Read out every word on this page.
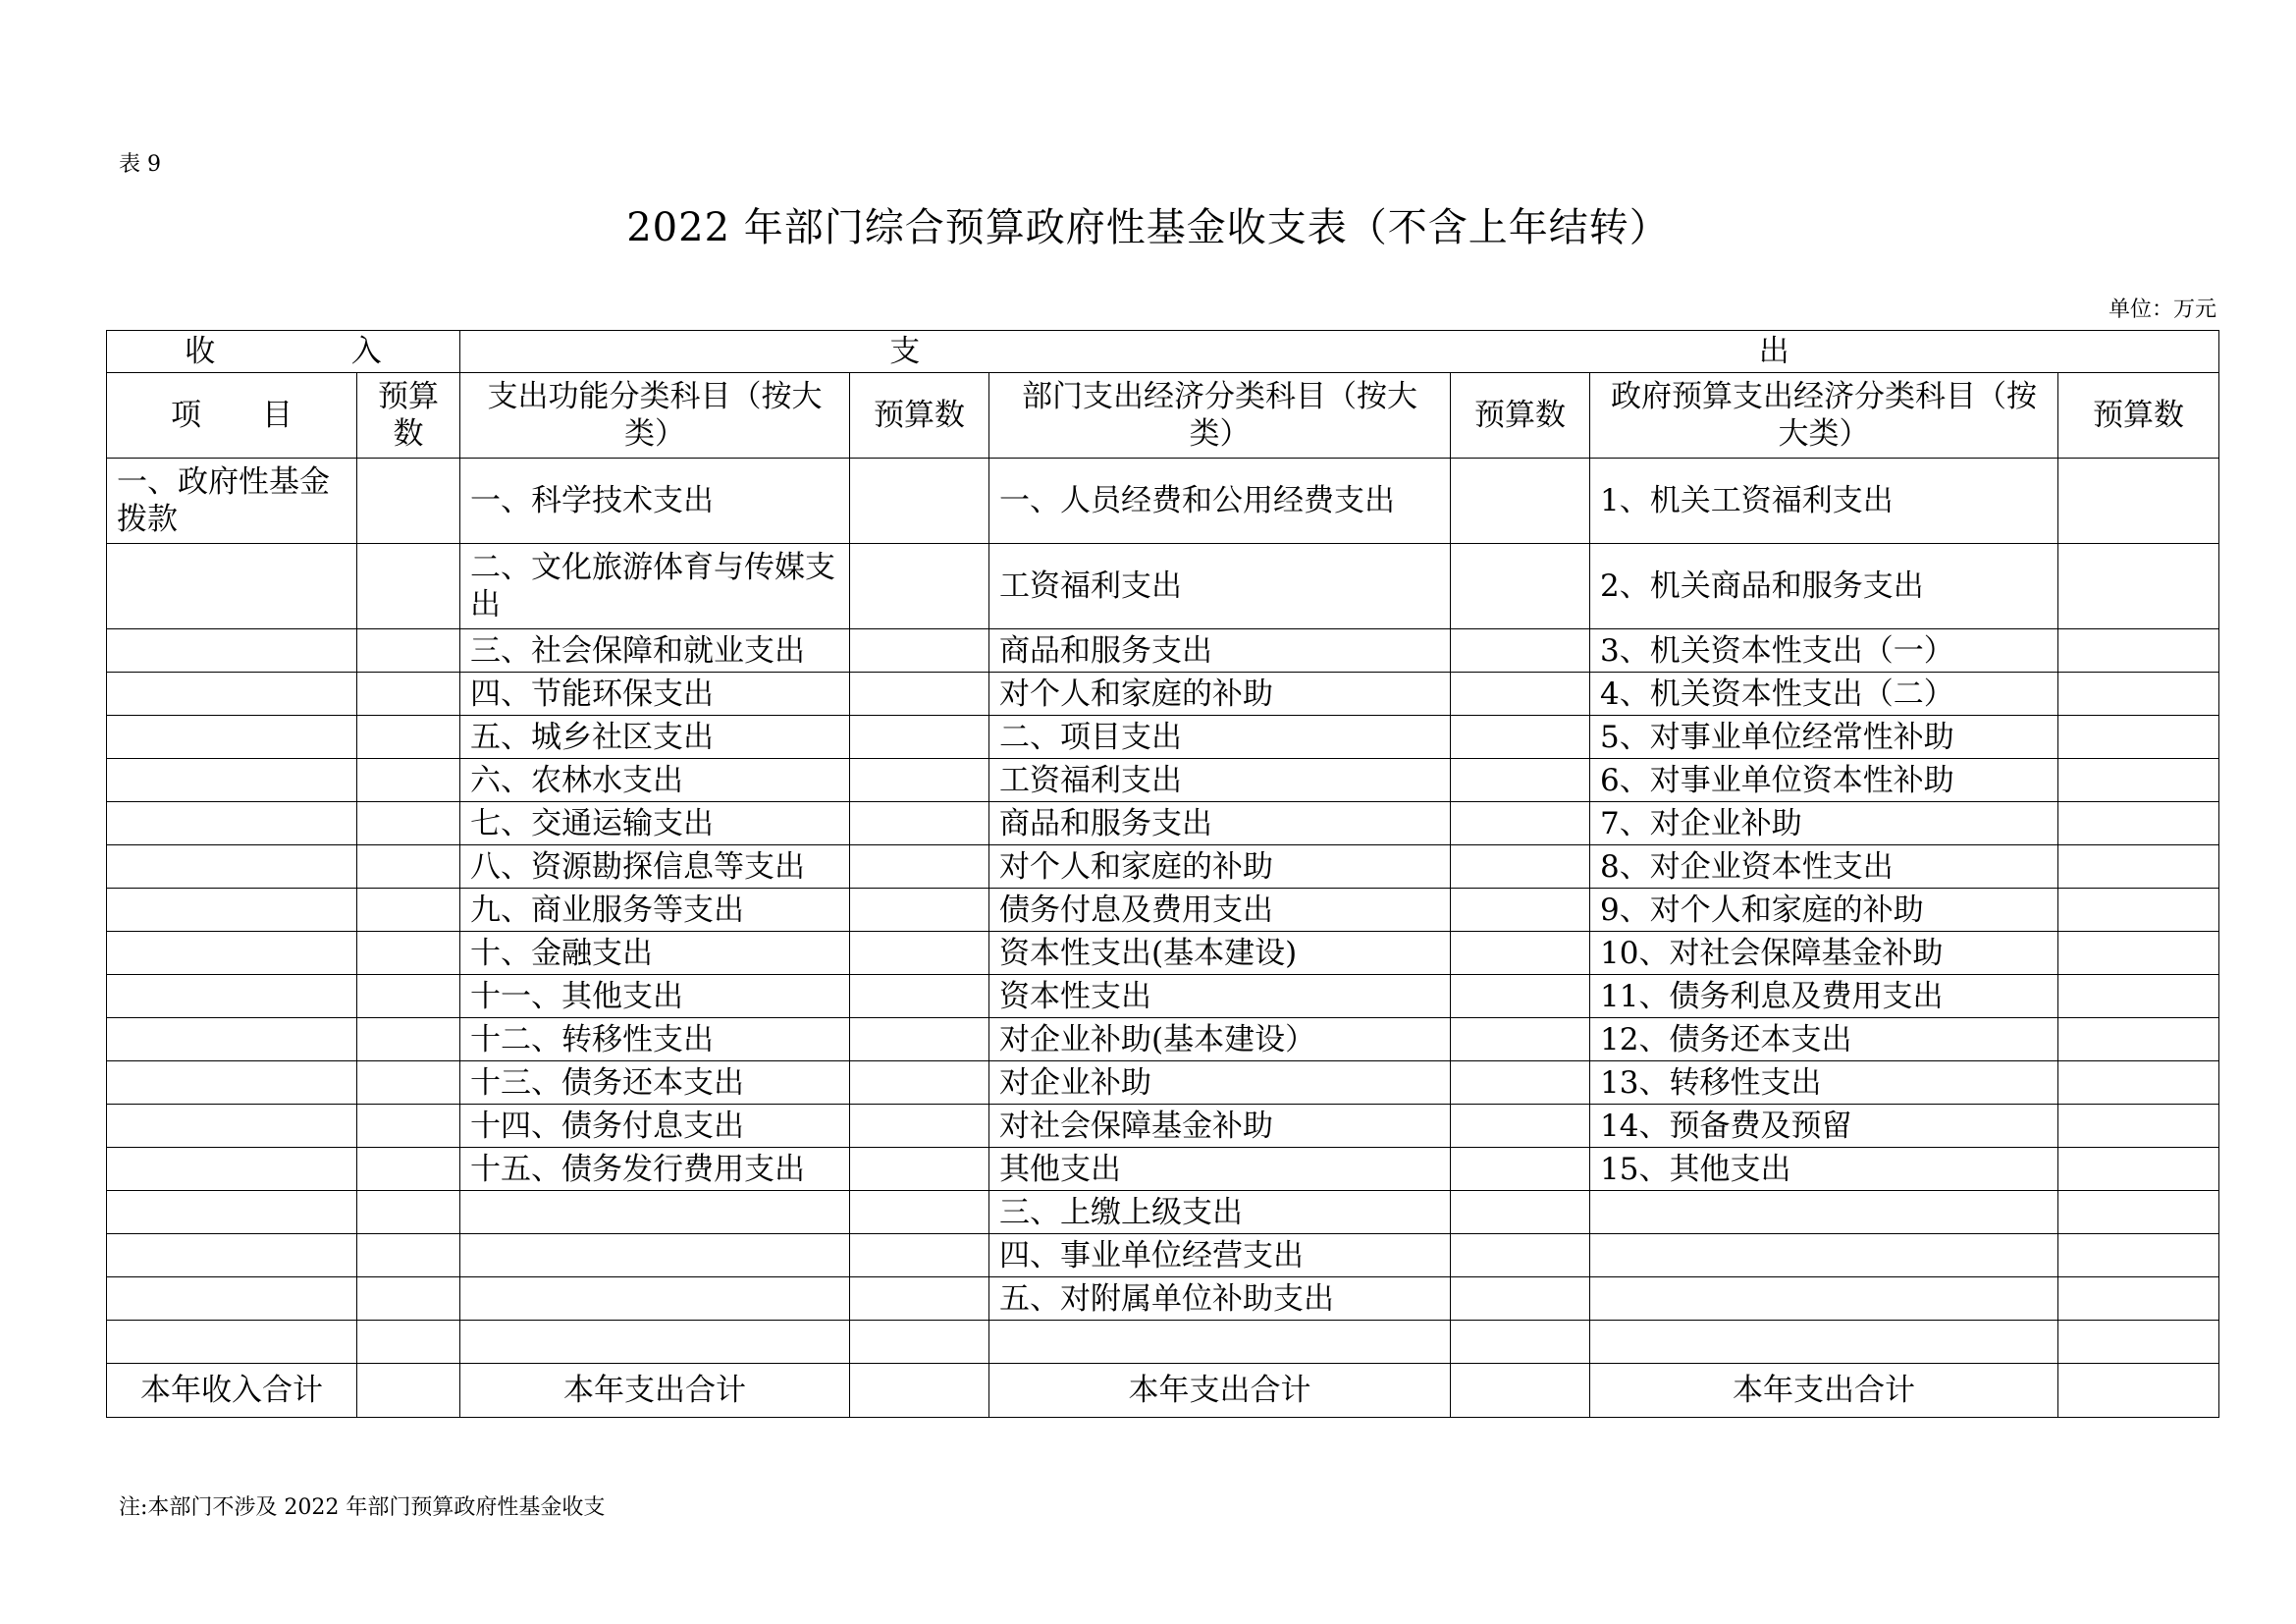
表 9
2022 年部门综合预算政府性基金收支表（不含上年结转）
单位：万元
收 入		支 出					

项　　目	预算数	支出功能分类科目（按大类）	预算数	部门支出经济分类科目（按大类）	预算数	政府预算支出经济分类科目（按大类）	预算数
一、政府性基金拨款		一、科学技术支出		一、人员经费和公用经费支出		1、机关工资福利支出	
		二、文化旅游体育与传媒支出		工资福利支出		2、机关商品和服务支出	
		三、社会保障和就业支出		商品和服务支出		3、机关资本性支出（一）	
		四、节能环保支出		对个人和家庭的补助		4、机关资本性支出（二）	
		五、城乡社区支出		二、项目支出		5、对事业单位经常性补助	
		六、农林水支出		工资福利支出		6、对事业单位资本性补助	
		七、交通运输支出		商品和服务支出		7、对企业补助	
		八、资源勘探信息等支出		对个人和家庭的补助		8、对企业资本性支出	
		九、商业服务等支出		债务付息及费用支出		9、对个人和家庭的补助	
		十、金融支出		资本性支出(基本建设)		10、对社会保障基金补助	
		十一、其他支出		资本性支出		11、债务利息及费用支出	
		十二、转移性支出		对企业补助(基本建设）		12、债务还本支出	
		十三、债务还本支出		对企业补助		13、转移性支出	
		十四、债务付息支出		对社会保障基金补助		14、预备费及预留	
		十五、债务发行费用支出		其他支出		15、其他支出	
				三、上缴上级支出			
				四、事业单位经营支出			
				五、对附属单位补助支出			

本年收入合计		本年支出合计		本年支出合计		本年支出合计	
注:本部门不涉及 2022 年部门预算政府性基金收支
